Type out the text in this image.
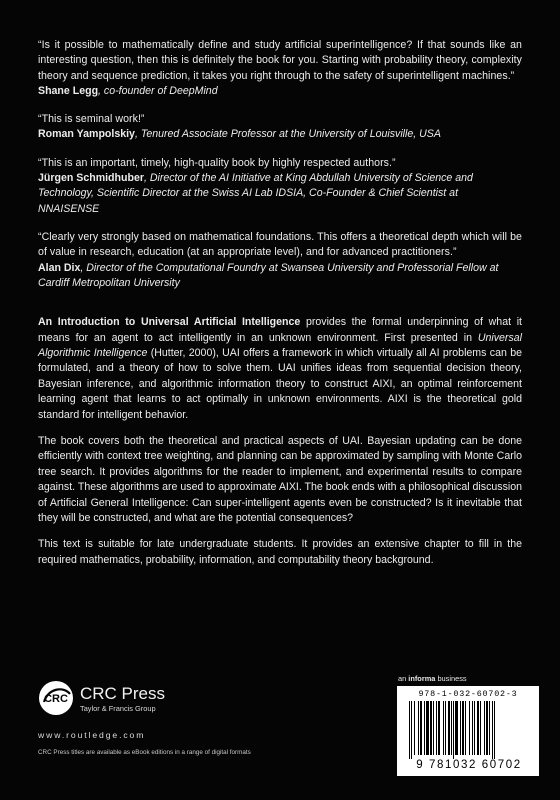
“Is it possible to mathematically define and study artificial superintelligence? If that sounds like an interesting question, then this is definitely the book for you. Starting with probability theory, complexity theory and sequence prediction, it takes you right through to the safety of superintelligent machines.”

Shane Legg, co-founder of DeepMind

“This is seminal work!”

Roman Yampolskiy, Tenured Associate Professor at the University of Louisville, USA

“This is an important, timely, high-quality book by highly respected authors.”

Jürgen Schmidhuber, Director of the AI Initiative at King Abdullah University of Science and Technology, Scientific Director at the Swiss AI Lab IDSIA, Co-Founder & Chief Scientist at NNAISENSE

“Clearly very strongly based on mathematical foundations. This offers a theoretical depth which will be of value in research, education (at an appropriate level), and for advanced practitioners.”

Alan Dix, Director of the Computational Foundry at Swansea University and Professorial Fellow at Cardiff Metropolitan University

An Introduction to Universal Artificial Intelligence provides the formal underpinning of what it means for an agent to act intelligently in an unknown environment. First presented in Universal Algorithmic Intelligence (Hutter, 2000), UAI offers a framework in which virtually all AI problems can be formulated, and a theory of how to solve them. UAI unifies ideas from sequential decision theory, Bayesian inference, and algorithmic information theory to construct AIXI, an optimal reinforcement learning agent that learns to act optimally in unknown environments. AIXI is the theoretical gold standard for intelligent behavior.

The book covers both the theoretical and practical aspects of UAI. Bayesian updating can be done efficiently with context tree weighting, and planning can be approximated by sampling with Monte Carlo tree search. It provides algorithms for the reader to implement, and experimental results to compare against. These algorithms are used to approximate AIXI. The book ends with a philosophical discussion of Artificial General Intelligence: Can super-intelligent agents even be constructed? Is it inevitable that they will be constructed, and what are the potential consequences?

This text is suitable for late undergraduate students. It provides an extensive chapter to fill in the required mathematics, probability, information, and computability theory background.

CRC CRC Press
Taylor & Francis Group
www.routledge.com
CRC Press titles are available as eBook editions in a range of digital formats
an informa business
978-1-032-60702-3
9 781032 60702
